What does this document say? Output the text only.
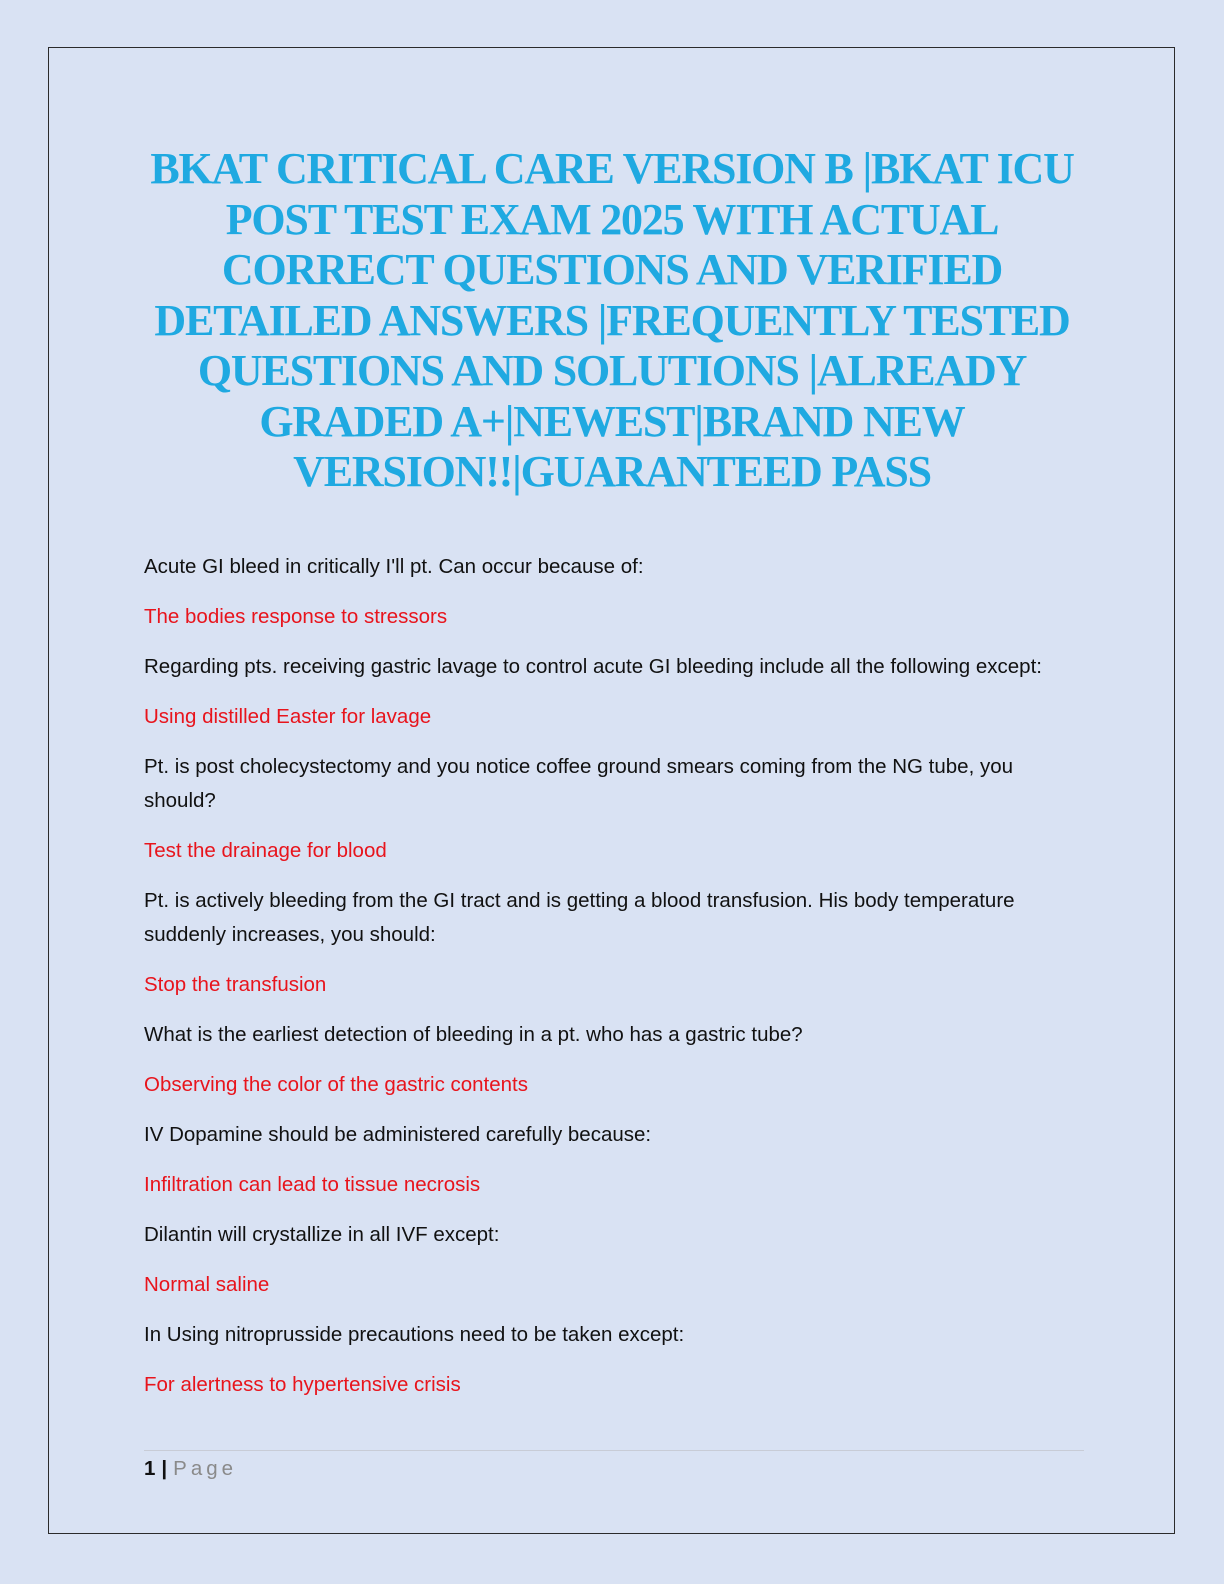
BKAT CRITICAL CARE VERSION B |BKAT ICU POST TEST EXAM 2025 WITH ACTUAL CORRECT QUESTIONS AND VERIFIED DETAILED ANSWERS |FREQUENTLY TESTED QUESTIONS AND SOLUTIONS |ALREADY GRADED A+|NEWEST|BRAND NEW VERSION!!|GUARANTEED PASS

Acute GI bleed in critically I'll pt. Can occur because of:

The bodies response to stressors

Regarding pts. receiving gastric lavage to control acute GI bleeding include all the following except:

Using distilled Easter for lavage

Pt. is post cholecystectomy and you notice coffee ground smears coming from the NG tube, you should?

Test the drainage for blood

Pt. is actively bleeding from the GI tract and is getting a blood transfusion. His body temperature suddenly increases, you should:

Stop the transfusion

What is the earliest detection of bleeding in a pt. who has a gastric tube?

Observing the color of the gastric contents

IV Dopamine should be administered carefully because:

Infiltration can lead to tissue necrosis

Dilantin will crystallize in all IVF except:

Normal saline

In Using nitroprusside precautions need to be taken except:

For alertness to hypertensive crisis

1 | Page
